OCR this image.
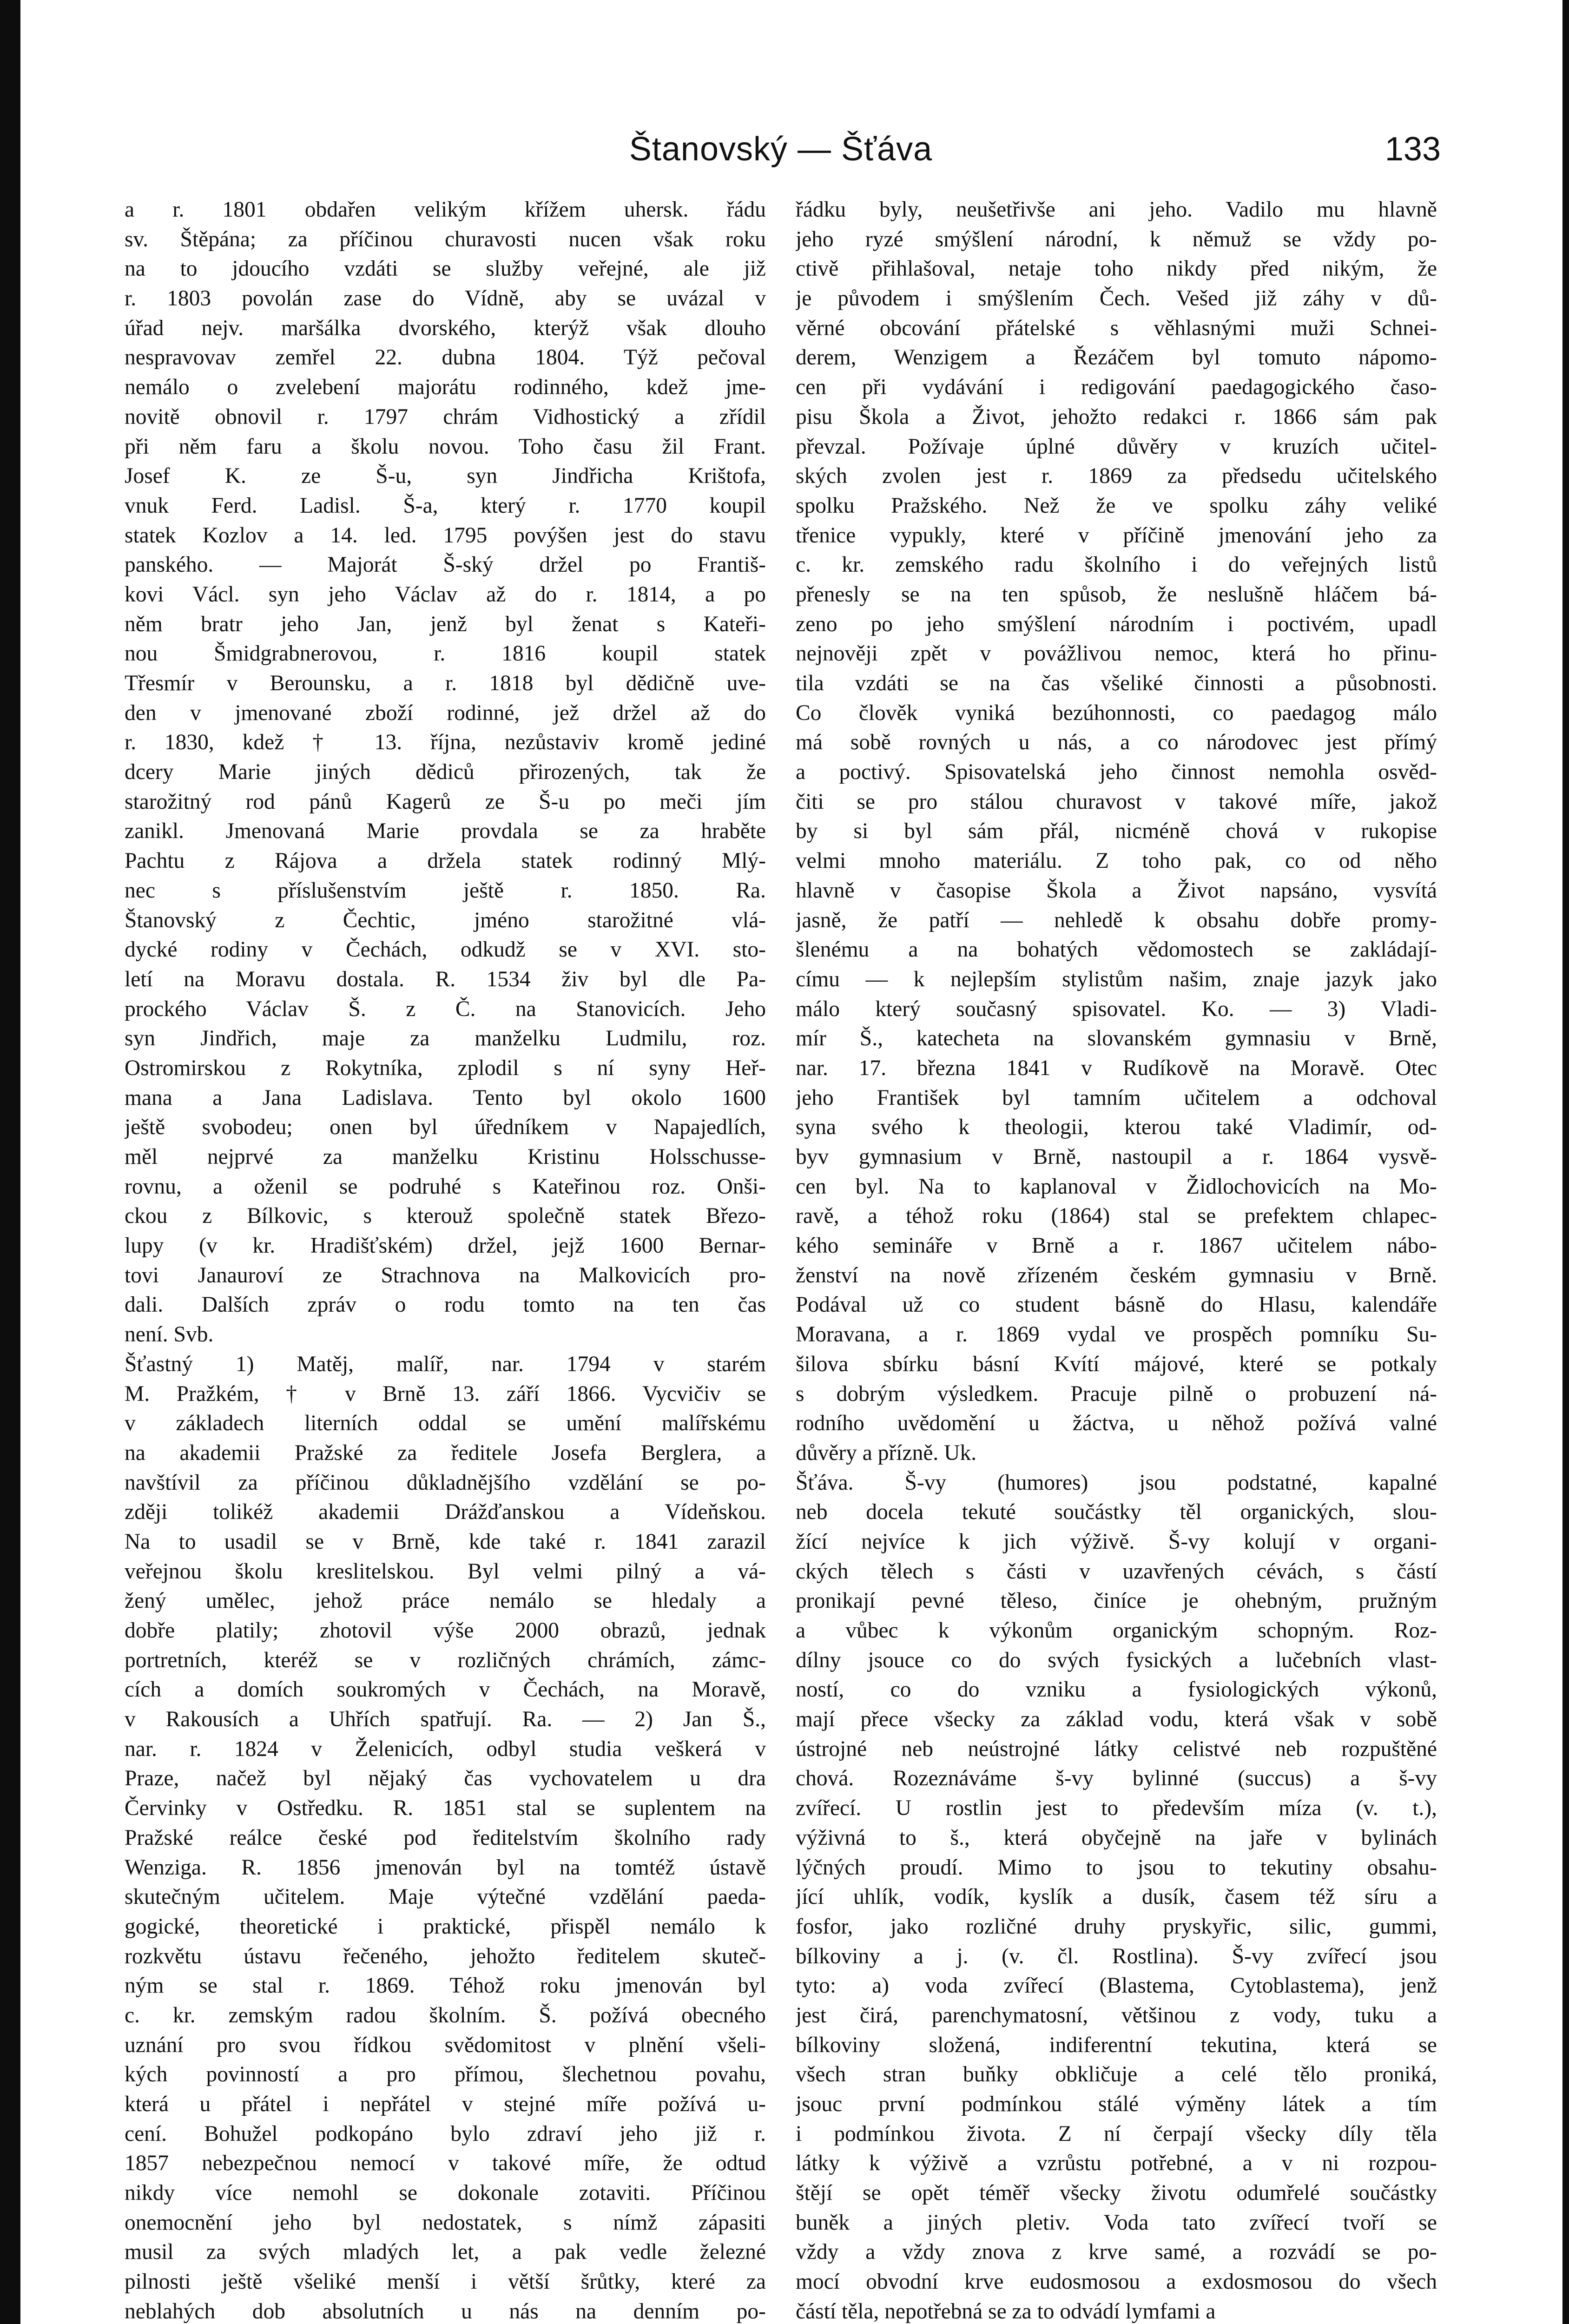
Štanovský — Šťáva	133
a r. 1801 obdařen velikým křížem uhersk. řádu
sv. Štěpána; za příčinou churavosti nucen však roku
na to jdoucího vzdáti se služby veřejné, ale již
r. 1803 povolán zase do Vídně, aby se uvázal v
úřad nejv. maršálka dvorského, kterýž však dlouho
nespravovav zemřel 22. dubna 1804. Týž pečoval
nemálo o zvelebení majorátu rodinného, kdež jme-
novitě obnovil r. 1797 chrám Vidhostický a zřídil
při něm faru a školu novou. Toho času žil Frant.
Josef K. ze Š-u, syn Jindřicha Krištofa,
vnuk Ferd. Ladisl. Š-a, který r. 1770 koupil
statek Kozlov a 14. led. 1795 povýšen jest do stavu
panského. — Majorát Š-ský držel po Františ-
kovi Václ. syn jeho Václav až do r. 1814, a po
něm bratr jeho Jan, jenž byl ženat s Kateři-
nou Šmidgrabnerovou, r. 1816 koupil statek
Třesmír v Berounsku, a r. 1818 byl dědičně uve-
den v jmenované zboží rodinné, jež držel až do
r. 1830, kdež † 13. října, nezůstaviv kromě jediné
dcery Marie jiných dědiců přirozených, tak že
starožitný rod pánů Kagerů ze Š-u po meči jím
zanikl. Jmenovaná Marie provdala se za hraběte
Pachtu z Rájova a držela statek rodinný Mlý-
nec s příslušenstvím ještě r. 1850. Ra.
Štanovský z Čechtic, jméno starožitné vlá-
dycké rodiny v Čechách, odkudž se v XVI. sto-
letí na Moravu dostala. R. 1534 živ byl dle Pa-
prockého Václav Š. z Č. na Stanovicích. Jeho
syn Jindřich, maje za manželku Ludmilu, roz.
Ostromirskou z Rokytníka, zplodil s ní syny Heř-
mana a Jana Ladislava. Tento byl okolo 1600
ještě svobodeu; onen byl úředníkem v Napajedlích,
měl nejprvé za manželku Kristinu Holsschusse-
rovnu, a oženil se podruhé s Kateřinou roz. Onši-
ckou z Bílkovic, s kterouž společně statek Březo-
lupy (v kr. Hradišťském) držel, jejž 1600 Bernar-
tovi Janauroví ze Strachnova na Malkovicích pro-
dali. Dalších zpráv o rodu tomto na ten čas
není. Svb.
Šťastný 1) Matěj, malíř, nar. 1794 v starém
M. Pražkém, † v Brně 13. září 1866. Vycvičiv se
v základech literních oddal se umění malířskému
na akademii Pražské za ředitele Josefa Berglera, a
navštívil za příčinou důkladnějšího vzdělání se po-
zději tolikéž akademii Drážďanskou a Vídeňskou.
Na to usadil se v Brně, kde také r. 1841 zarazil
veřejnou školu kreslitelskou. Byl velmi pilný a vá-
žený umělec, jehož práce nemálo se hledaly a
dobře platily; zhotovil výše 2000 obrazů, jednak
portretních, kteréž se v rozličných chrámích, zámc-
cích a domích soukromých v Čechách, na Moravě,
v Rakousích a Uhřích spatřují. Ra. — 2) Jan Š.,
nar. r. 1824 v Želenicích, odbyl studia veškerá v
Praze, načež byl nějaký čas vychovatelem u dra
Červinky v Ostředku. R. 1851 stal se suplentem na
Pražské reálce české pod ředitelstvím školního rady
Wenziga. R. 1856 jmenován byl na tomtéž ústavě
skutečným učitelem. Maje výtečné vzdělání paeda-
gogické, theoretické i praktické, přispěl nemálo k
rozkvětu ústavu řečeného, jehožto ředitelem skuteč-
ným se stal r. 1869. Téhož roku jmenován byl
c. kr. zemským radou školním. Š. požívá obecného
uznání pro svou řídkou svědomitost v plnění všeli-
kých povinností a pro přímou, šlechetnou povahu,
která u přátel i nepřátel v stejné míře požívá u-
cení. Bohužel podkopáno bylo zdraví jeho již r.
1857 nebezpečnou nemocí v takové míře, že odtud
nikdy více nemohl se dokonale zotaviti. Příčinou
onemocnění jeho byl nedostatek, s nímž zápasiti
musil za svých mladých let, a pak vedle železné
pilnosti ještě všeliké menší i větší šrůtky, které za
neblahých dob absolutních u nás na denním po-
řádku byly, neušetřivše ani jeho. Vadilo mu hlavně
jeho ryzé smýšlení národní, k němuž se vždy po-
ctivě přihlašoval, netaje toho nikdy před nikým, že
je původem i smýšlením Čech. Vešed již záhy v dů-
věrné obcování přátelské s věhlasnými muži Schnei-
derem, Wenzigem a Řezáčem byl tomuto nápomo-
cen při vydávání i redigování paedagogického časo-
pisu Škola a Život, jehožto redakci r. 1866 sám pak
převzal. Požívaje úplné důvěry v kruzích učitel-
ských zvolen jest r. 1869 za předsedu učitelského
spolku Pražského. Než že ve spolku záhy veliké
třenice vypukly, které v příčině jmenování jeho za
c. kr. zemského radu školního i do veřejných listů
přenesly se na ten spůsob, že neslušně hláčem bá-
zeno po jeho smýšlení národním i poctivém, upadl
nejnověji zpět v povážlivou nemoc, která ho přinu-
tila vzdáti se na čas všeliké činnosti a působnosti.
Co člověk vyniká bezúhonnosti, co paedagog málo
má sobě rovných u nás, a co národovec jest přímý
a poctivý. Spisovatelská jeho činnost nemohla osvěd-
čiti se pro stálou churavost v takové míře, jakož
by si byl sám přál, nicméně chová v rukopise
velmi mnoho materiálu. Z toho pak, co od něho
hlavně v časopise Škola a Život napsáno, vysvítá
jasně, že patří — nehledě k obsahu dobře promy-
šlenému a na bohatých vědomostech se zakládají-
címu — k nejlepším stylistům našim, znaje jazyk jako
málo který současný spisovatel. Ko. — 3) Vladi-
mír Š., katecheta na slovanském gymnasiu v Brně,
nar. 17. března 1841 v Rudíkově na Moravě. Otec
jeho František byl tamním učitelem a odchoval
syna svého k theologii, kterou také Vladimír, od-
byv gymnasium v Brně, nastoupil a r. 1864 vysvě-
cen byl. Na to kaplanoval v Židlochovicích na Mo-
ravě, a téhož roku (1864) stal se prefektem chlapec-
kého semináře v Brně a r. 1867 učitelem nábo-
ženství na nově zřízeném českém gymnasiu v Brně.
Podával už co student básně do Hlasu, kalendáře
Moravana, a r. 1869 vydal ve prospěch pomníku Su-
šilova sbírku básní Kvítí májové, které se potkaly
s dobrým výsledkem. Pracuje pilně o probuzení ná-
rodního uvědomění u žáctva, u něhož požívá valné
důvěry a přízně. Uk.
Šťáva. Š-vy (humores) jsou podstatné, kapalné
neb docela tekuté součástky těl organických, slou-
žící nejvíce k jich výživě. Š-vy kolují v organi-
ckých tělech s části v uzavřených cévách, s částí
pronikají pevné těleso, činíce je ohebným, pružným
a vůbec k výkonům organickým schopným. Roz-
dílny jsouce co do svých fysických a lučebních vlast-
ností, co do vzniku a fysiologických výkonů,
mají přece všecky za základ vodu, která však v sobě
ústrojné neb neústrojné látky celistvé neb rozpuštěné
chová. Rozeznáváme š-vy bylinné (succus) a š-vy
zvířecí. U rostlin jest to především míza (v. t.),
výživná to š., která obyčejně na jaře v bylinách
lýčných proudí. Mimo to jsou to tekutiny obsahu-
jící uhlík, vodík, kyslík a dusík, časem též síru a
fosfor, jako rozličné druhy pryskyřic, silic, gummi,
bílkoviny a j. (v. čl. Rostlina). Š-vy zvířecí jsou
tyto: a) voda zvířecí (Blastema, Cytoblastema), jenž
jest čirá, parenchymatosní, většinou z vody, tuku a
bílkoviny složená, indiferentní tekutina, která se
všech stran buňky obkličuje a celé tělo proniká,
jsouc první podmínkou stálé výměny látek a tím
i podmínkou života. Z ní čerpají všecky díly těla
látky k výživě a vzrůstu potřebné, a v ni rozpou-
štějí se opět téměř všecky životu odumřelé součástky
buněk a jiných pletiv. Voda tato zvířecí tvoří se
vždy a vždy znova z krve samé, a rozvádí se po-
mocí obvodní krve eudosmosou a exdosmosou do všech
částí těla, nepotřebná se za to odvádí lymfami a
